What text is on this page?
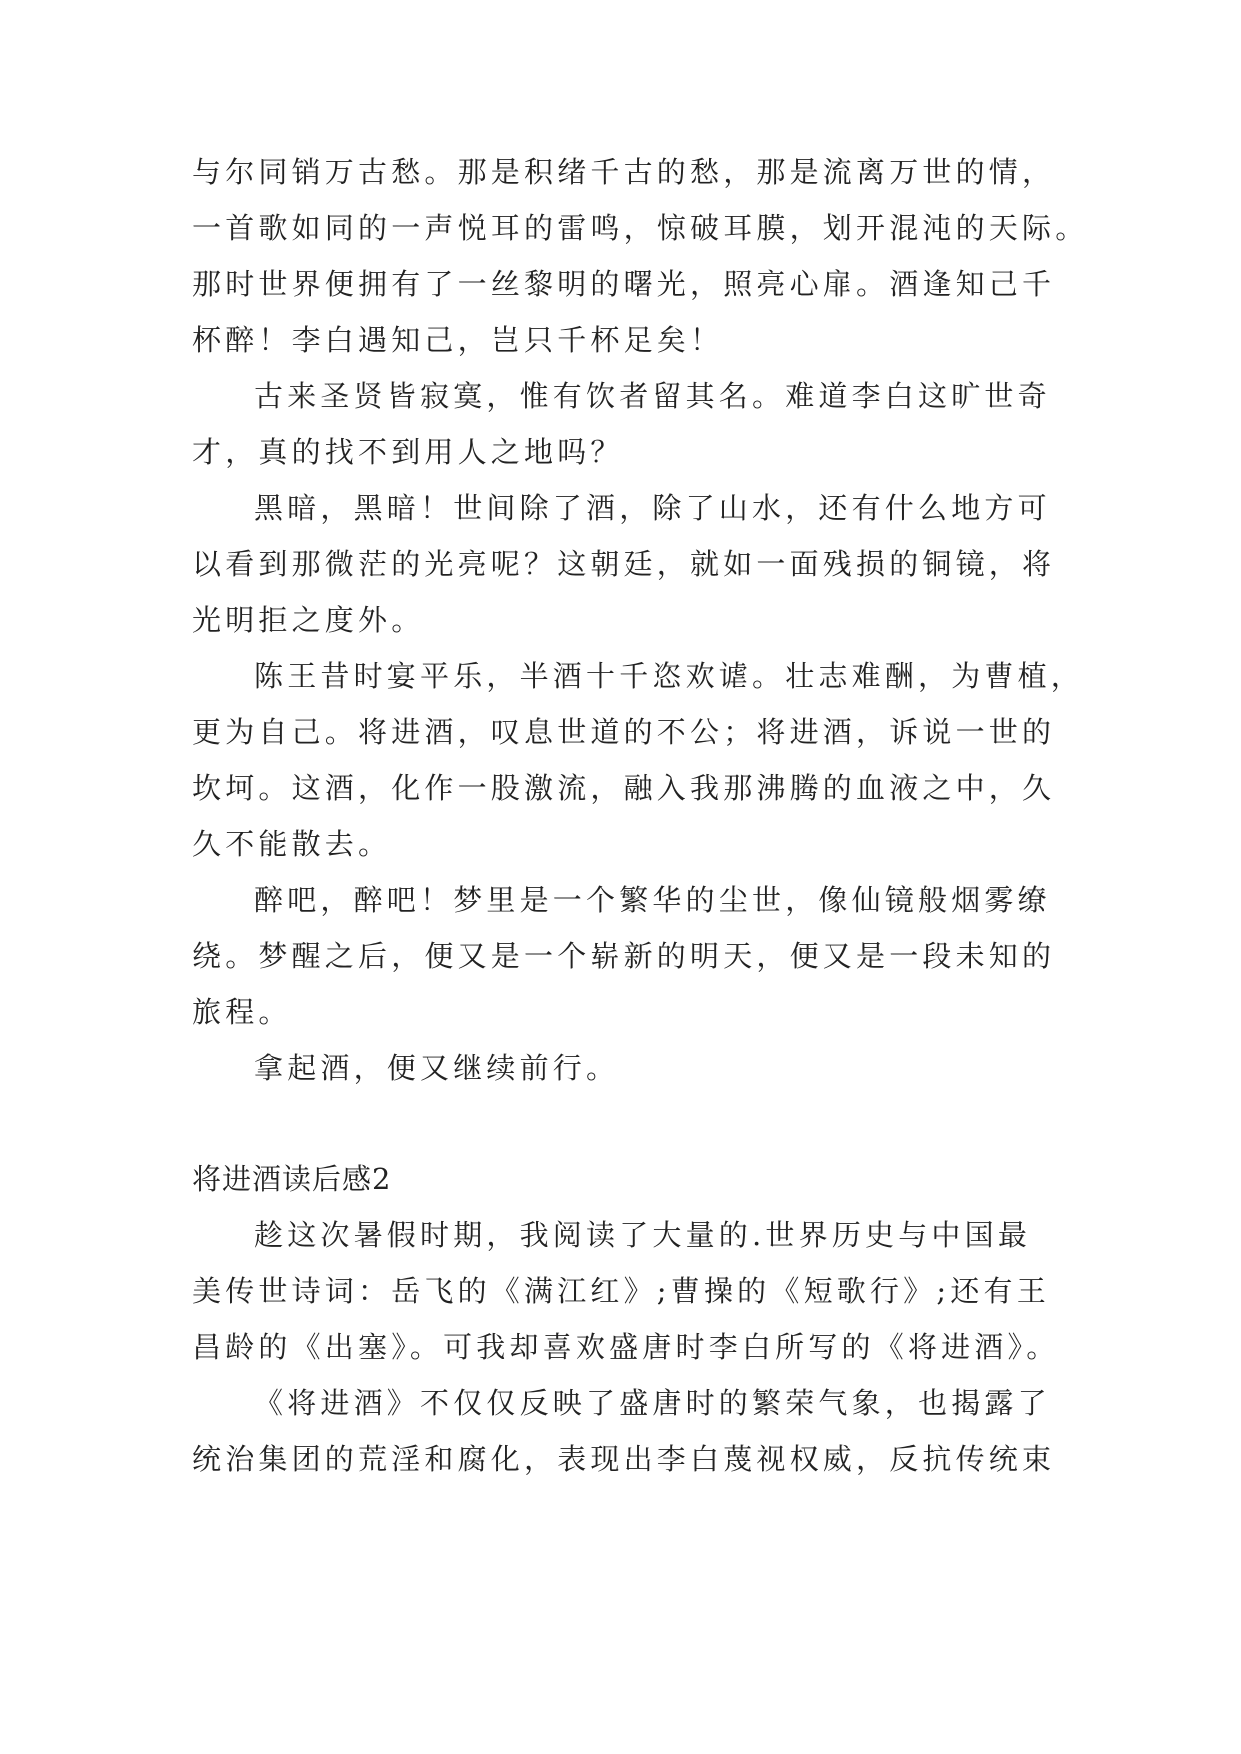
与尔同销万古愁。那是积绪千古的愁，那是流离万世的情，
一首歌如同的一声悦耳的雷鸣，惊破耳膜，划开混沌的天际。
那时世界便拥有了一丝黎明的曙光，照亮心扉。酒逢知己千
杯醉！李白遇知己，岂只千杯足矣！
古来圣贤皆寂寞，惟有饮者留其名。难道李白这旷世奇
才，真的找不到用人之地吗？
黑暗，黑暗！世间除了酒，除了山水，还有什么地方可
以看到那微茫的光亮呢？这朝廷，就如一面残损的铜镜，将
光明拒之度外。
陈王昔时宴平乐，半酒十千恣欢谑。壮志难酬，为曹植，
更为自己。将进酒，叹息世道的不公；将进酒，诉说一世的
坎坷。这酒，化作一股激流，融入我那沸腾的血液之中，久
久不能散去。
醉吧，醉吧！梦里是一个繁华的尘世，像仙镜般烟雾缭
绕。梦醒之后，便又是一个崭新的明天，便又是一段未知的
旅程。
拿起酒，便又继续前行。
将进酒读后感2
趁这次暑假时期，我阅读了大量的.世界历史与中国最
美传世诗词：岳飞的《满江红》;曹操的《短歌行》;还有王
昌龄的《出塞》。可我却喜欢盛唐时李白所写的《将进酒》。
《将进酒》不仅仅反映了盛唐时的繁荣气象，也揭露了
统治集团的荒淫和腐化，表现出李白蔑视权威，反抗传统束
